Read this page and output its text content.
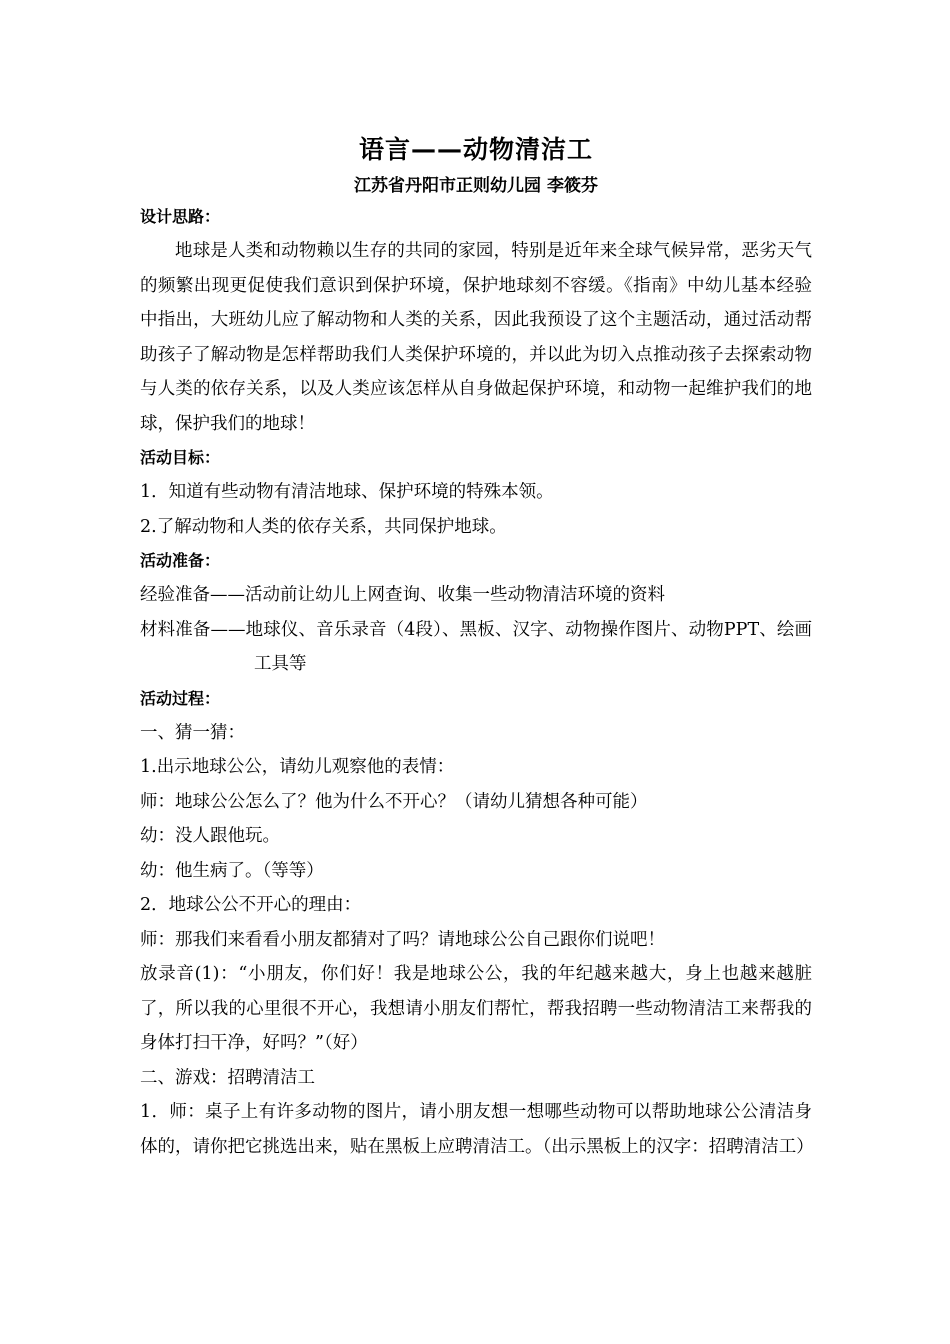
语言——动物清洁工

江苏省丹阳市正则幼儿园 李筱芬

设计思路：

地球是人类和动物赖以生存的共同的家园，特别是近年来全球气候异常，恶劣天气的频繁出现更促使我们意识到保护环境，保护地球刻不容缓。《指南》中幼儿基本经验中指出，大班幼儿应了解动物和人类的关系，因此我预设了这个主题活动，通过活动帮助孩子了解动物是怎样帮助我们人类保护环境的，并以此为切入点推动孩子去探索动物与人类的依存关系，以及人类应该怎样从自身做起保护环境，和动物一起维护我们的地球，保护我们的地球！

活动目标：

1．知道有些动物有清洁地球、保护环境的特殊本领。

2.了解动物和人类的依存关系，共同保护地球。

活动准备：

经验准备——活动前让幼儿上网查询、收集一些动物清洁环境的资料

材料准备——地球仪、音乐录音（4段）、黑板、汉字、动物操作图片、动物PPT、绘画工具等

活动过程：

一、猜一猜：

1.出示地球公公，请幼儿观察他的表情：

师：地球公公怎么了？他为什么不开心？（请幼儿猜想各种可能）

幼：没人跟他玩。

幼：他生病了。（等等）

2．地球公公不开心的理由：

师：那我们来看看小朋友都猜对了吗？请地球公公自己跟你们说吧！

放录音(1)：“小朋友，你们好！我是地球公公，我的年纪越来越大，身上也越来越脏了，所以我的心里很不开心，我想请小朋友们帮忙，帮我招聘一些动物清洁工来帮我的身体打扫干净，好吗？”（好）

二、游戏：招聘清洁工

1．师：桌子上有许多动物的图片，请小朋友想一想哪些动物可以帮助地球公公清洁身体的，请你把它挑选出来，贴在黑板上应聘清洁工。（出示黑板上的汉字：招聘清洁工）
